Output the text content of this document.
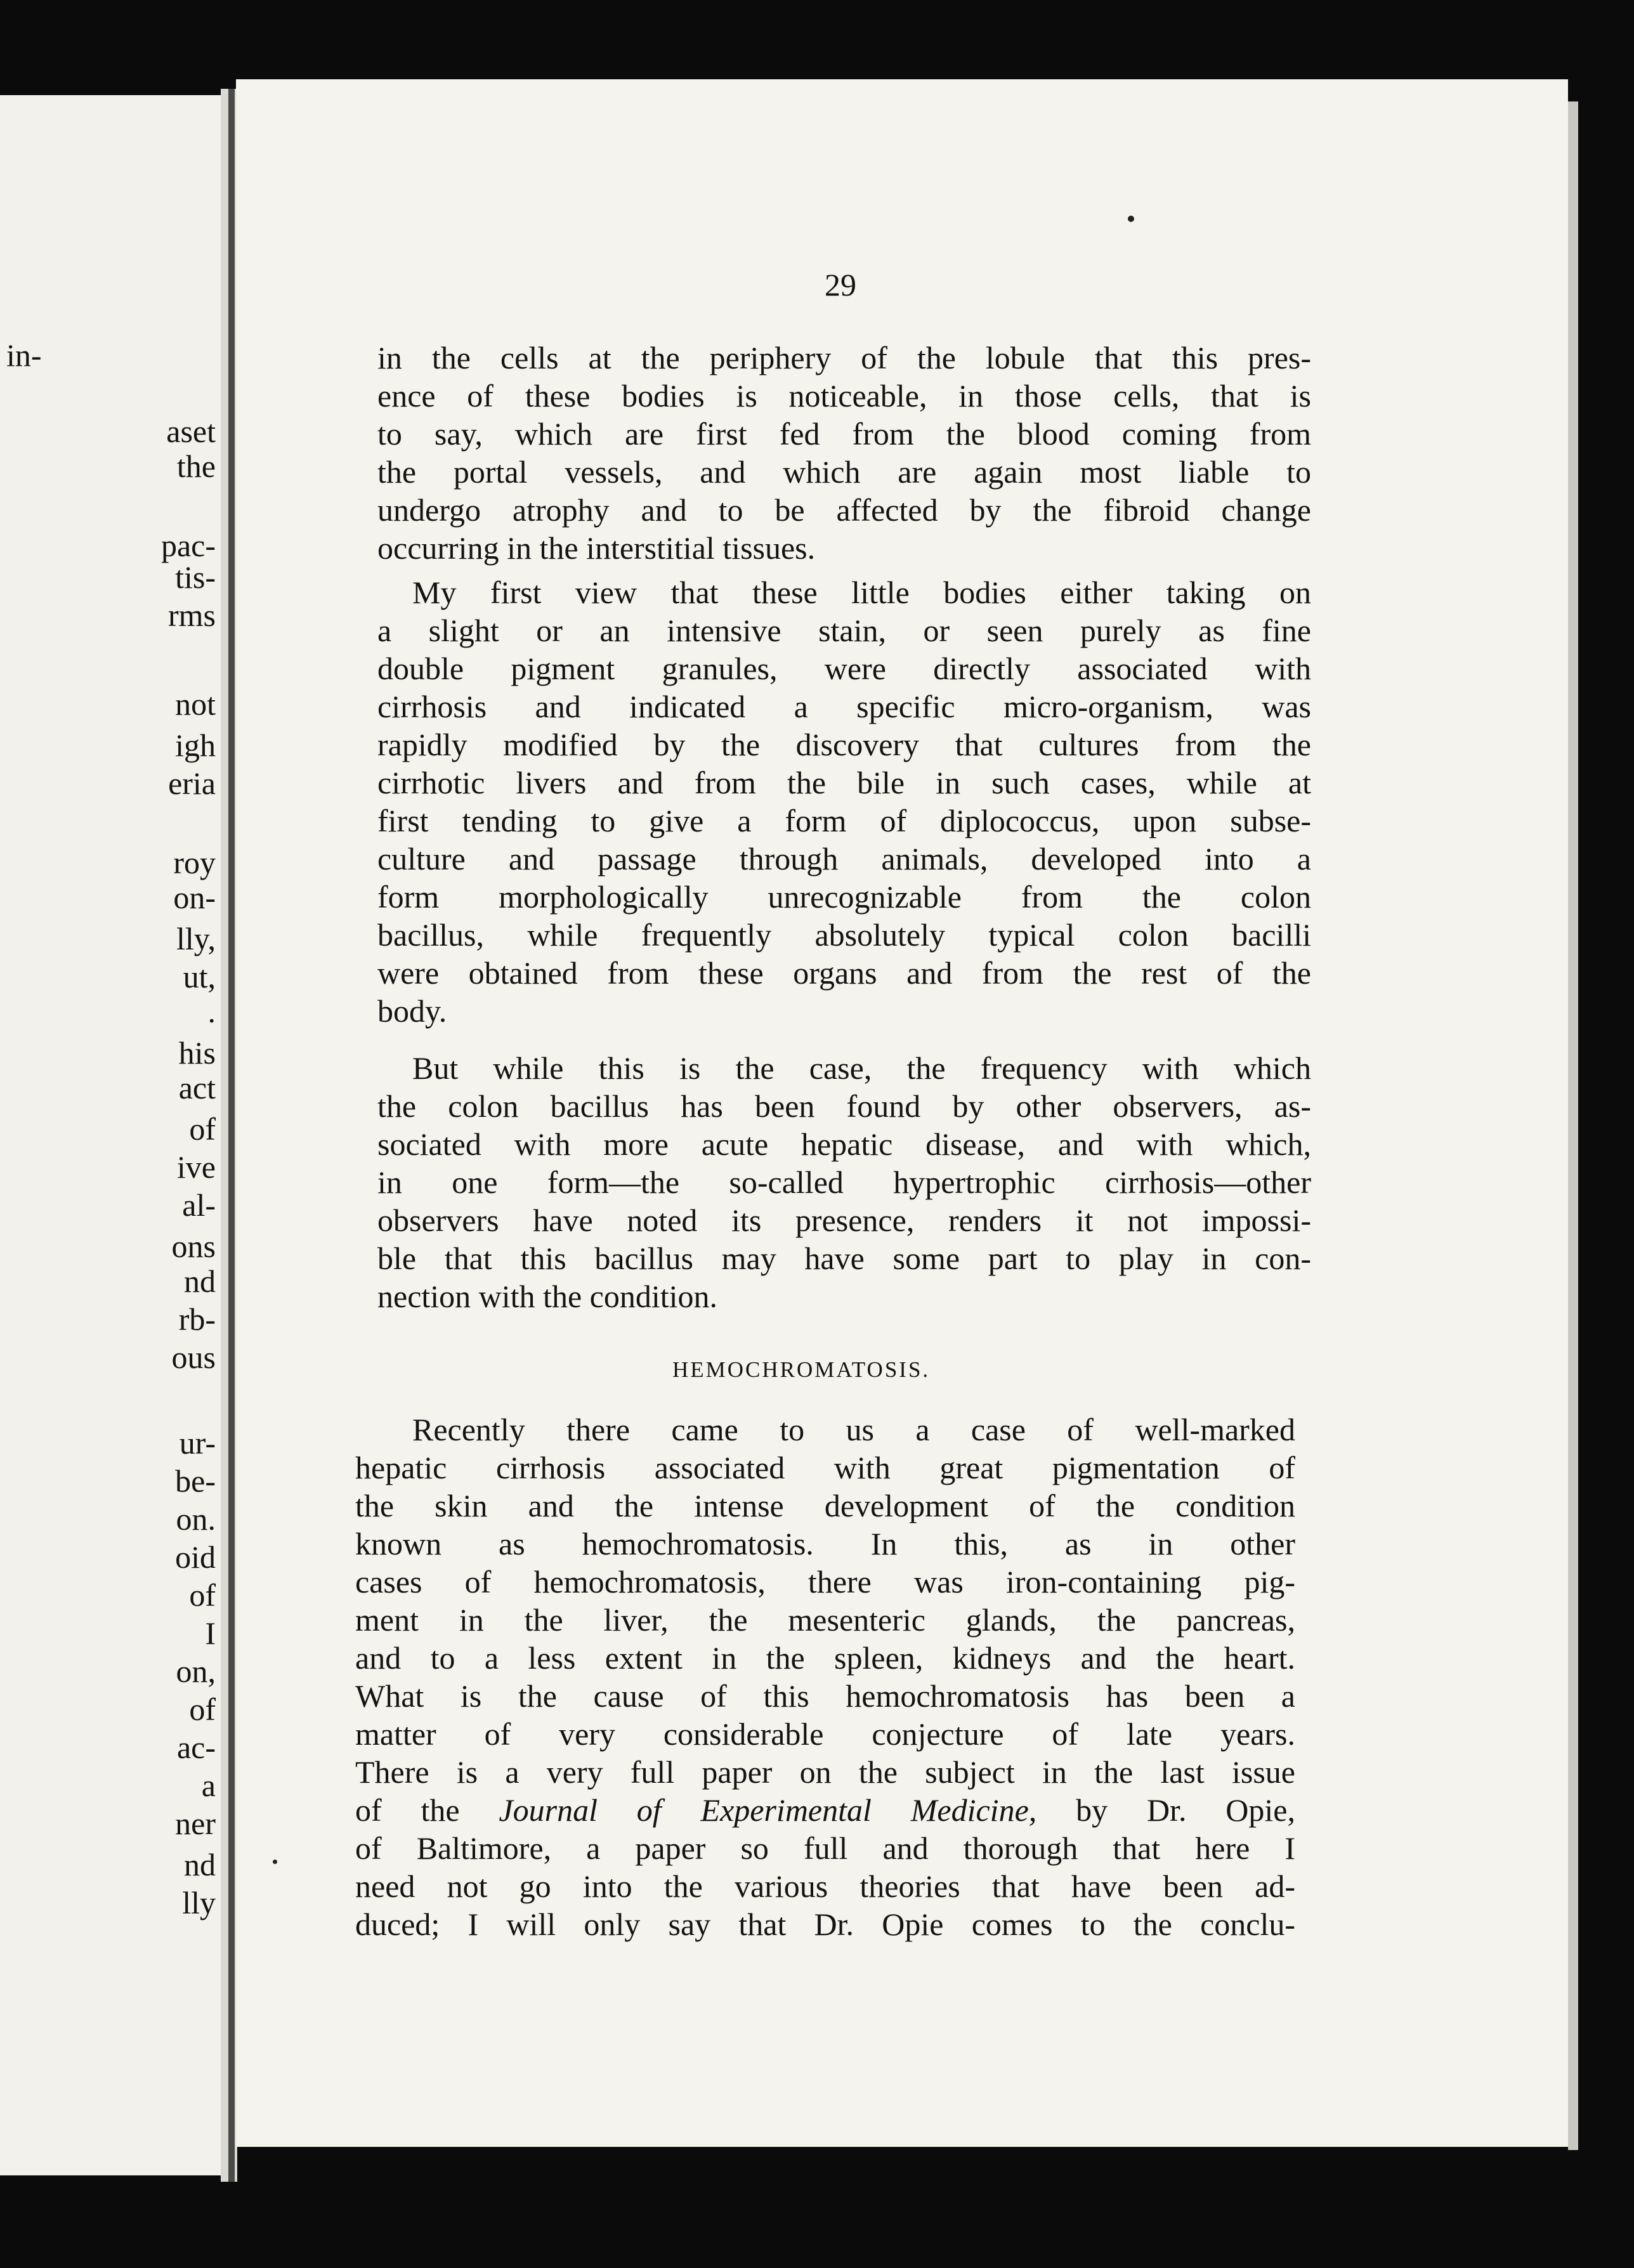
in-
aset
the
pac-
tis-
rms
not
igh
eria
roy
on-
lly,
ut,
.
his
act
of
ive
al-
ons
nd
rb-
ous
ur-
be-
on.
oid
of
I
on,
of
ac-
a
ner
nd
lly
29
in the cells at the periphery of the lobule that this pres-
ence of these bodies is noticeable, in those cells, that is
to say, which are first fed from the blood coming from
the portal vessels, and which are again most liable to
undergo atrophy and to be affected by the fibroid change
occurring in the interstitial tissues.
My first view that these little bodies either taking on
a slight or an intensive stain, or seen purely as fine
double pigment granules, were directly associated with
cirrhosis and indicated a specific micro-organism, was
rapidly modified by the discovery that cultures from the
cirrhotic livers and from the bile in such cases, while at
first tending to give a form of diplococcus, upon subse-
culture and passage through animals, developed into a
form morphologically unrecognizable from the colon
bacillus, while frequently absolutely typical colon bacilli
were obtained from these organs and from the rest of the
body.
But while this is the case, the frequency with which
the colon bacillus has been found by other observers, as-
sociated with more acute hepatic disease, and with which,
in one form—the so-called hypertrophic cirrhosis—other
observers have noted its presence, renders it not impossi-
ble that this bacillus may have some part to play in con-
nection with the condition.
HEMOCHROMATOSIS.
Recently there came to us a case of well-marked
hepatic cirrhosis associated with great pigmentation of
the skin and the intense development of the condition
known as hemochromatosis. In this, as in other
cases of hemochromatosis, there was iron-containing pig-
ment in the liver, the mesenteric glands, the pancreas,
and to a less extent in the spleen, kidneys and the heart.
What is the cause of this hemochromatosis has been a
matter of very considerable conjecture of late years.
There is a very full paper on the subject in the last issue
of the Journal of Experimental Medicine, by Dr. Opie,
of Baltimore, a paper so full and thorough that here I
need not go into the various theories that have been ad-
duced; I will only say that Dr. Opie comes to the conclu-
